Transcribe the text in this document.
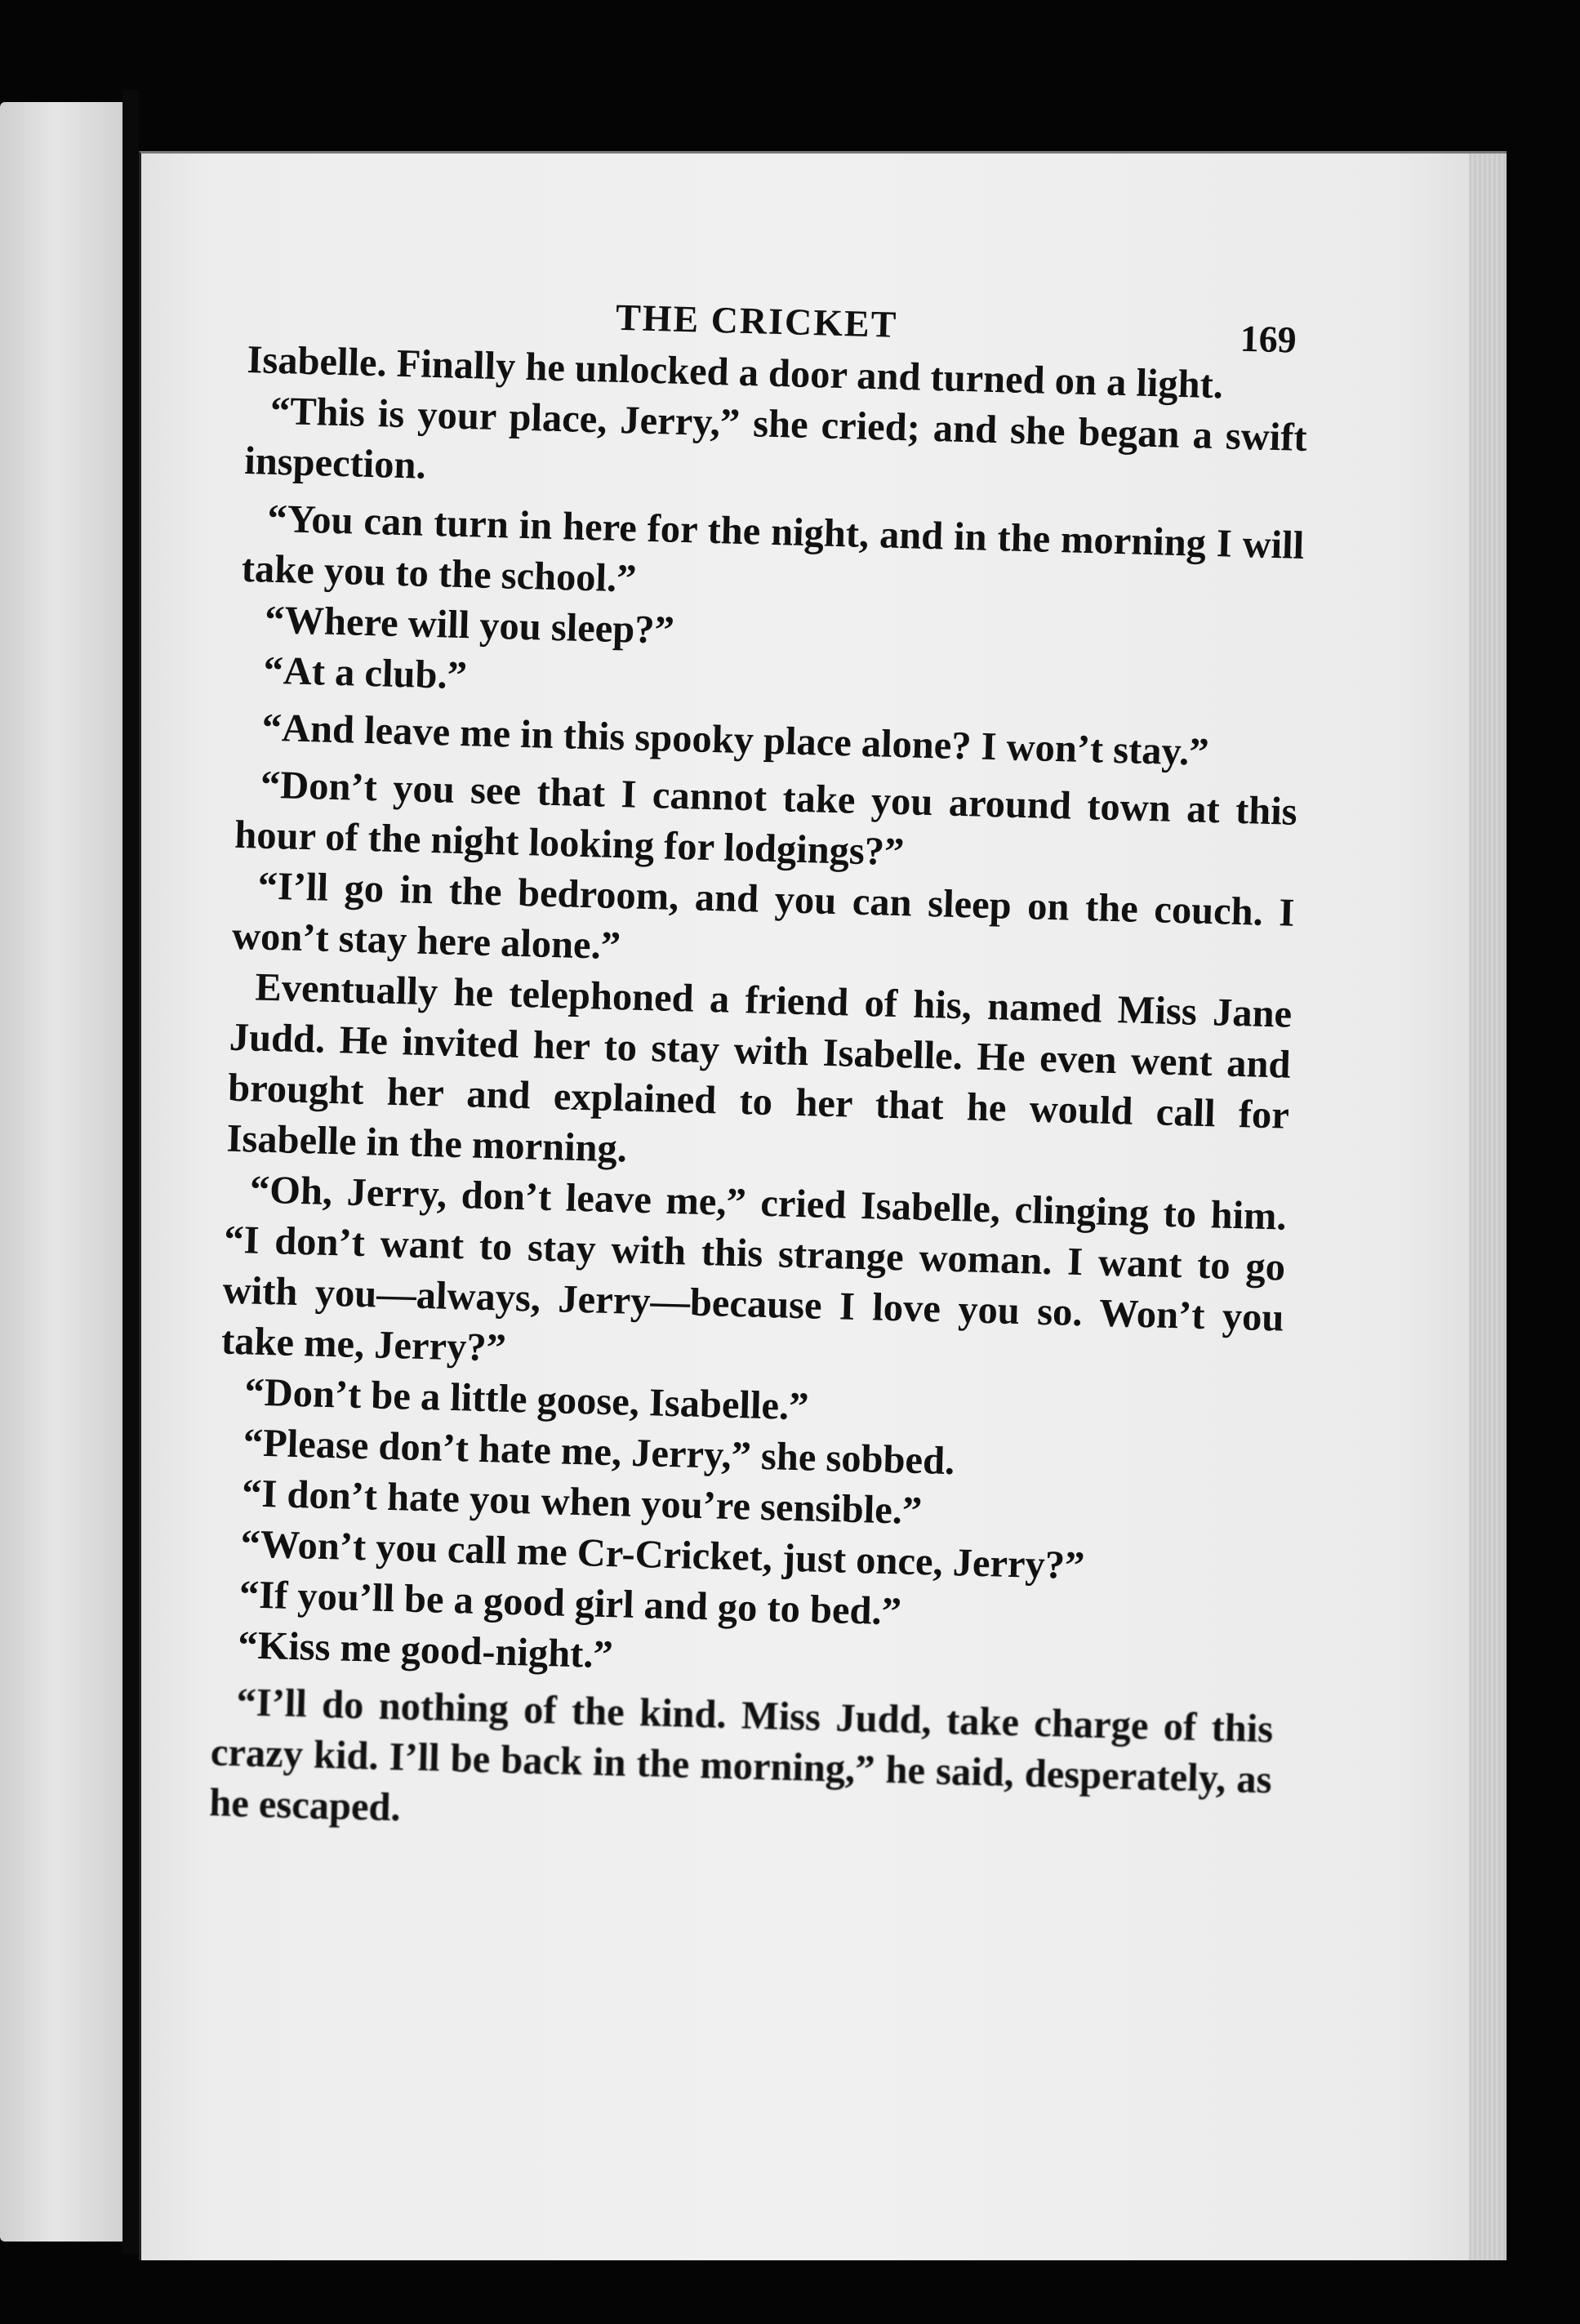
THE CRICKET	169

Isabelle. Finally he unlocked a door and turned on a light.

“This is your place, Jerry,” she cried; and she began a swift inspection.

“You can turn in here for the night, and in the morning I will take you to the school.”

“Where will you sleep?”

“At a club.”

“And leave me in this spooky place alone? I won’t stay.”

“Don’t you see that I cannot take you around town at this hour of the night looking for lodgings?”

“I’ll go in the bedroom, and you can sleep on the couch. I won’t stay here alone.”

Eventually he telephoned a friend of his, named Miss Jane Judd. He invited her to stay with Isabelle. He even went and brought her and explained to her that he would call for Isabelle in the morning.

“Oh, Jerry, don’t leave me,” cried Isabelle, clinging to him. “I don’t want to stay with this strange woman. I want to go with you—always, Jerry—because I love you so. Won’t you take me, Jerry?”

“Don’t be a little goose, Isabelle.”

“Please don’t hate me, Jerry,” she sobbed.

“I don’t hate you when you’re sensible.”

“Won’t you call me Cr-Cricket, just once, Jerry?”

“If you’ll be a good girl and go to bed.”

“Kiss me good-night.”

“I’ll do nothing of the kind. Miss Judd, take charge of this crazy kid. I’ll be back in the morning,” he said, desperately, as he escaped.
